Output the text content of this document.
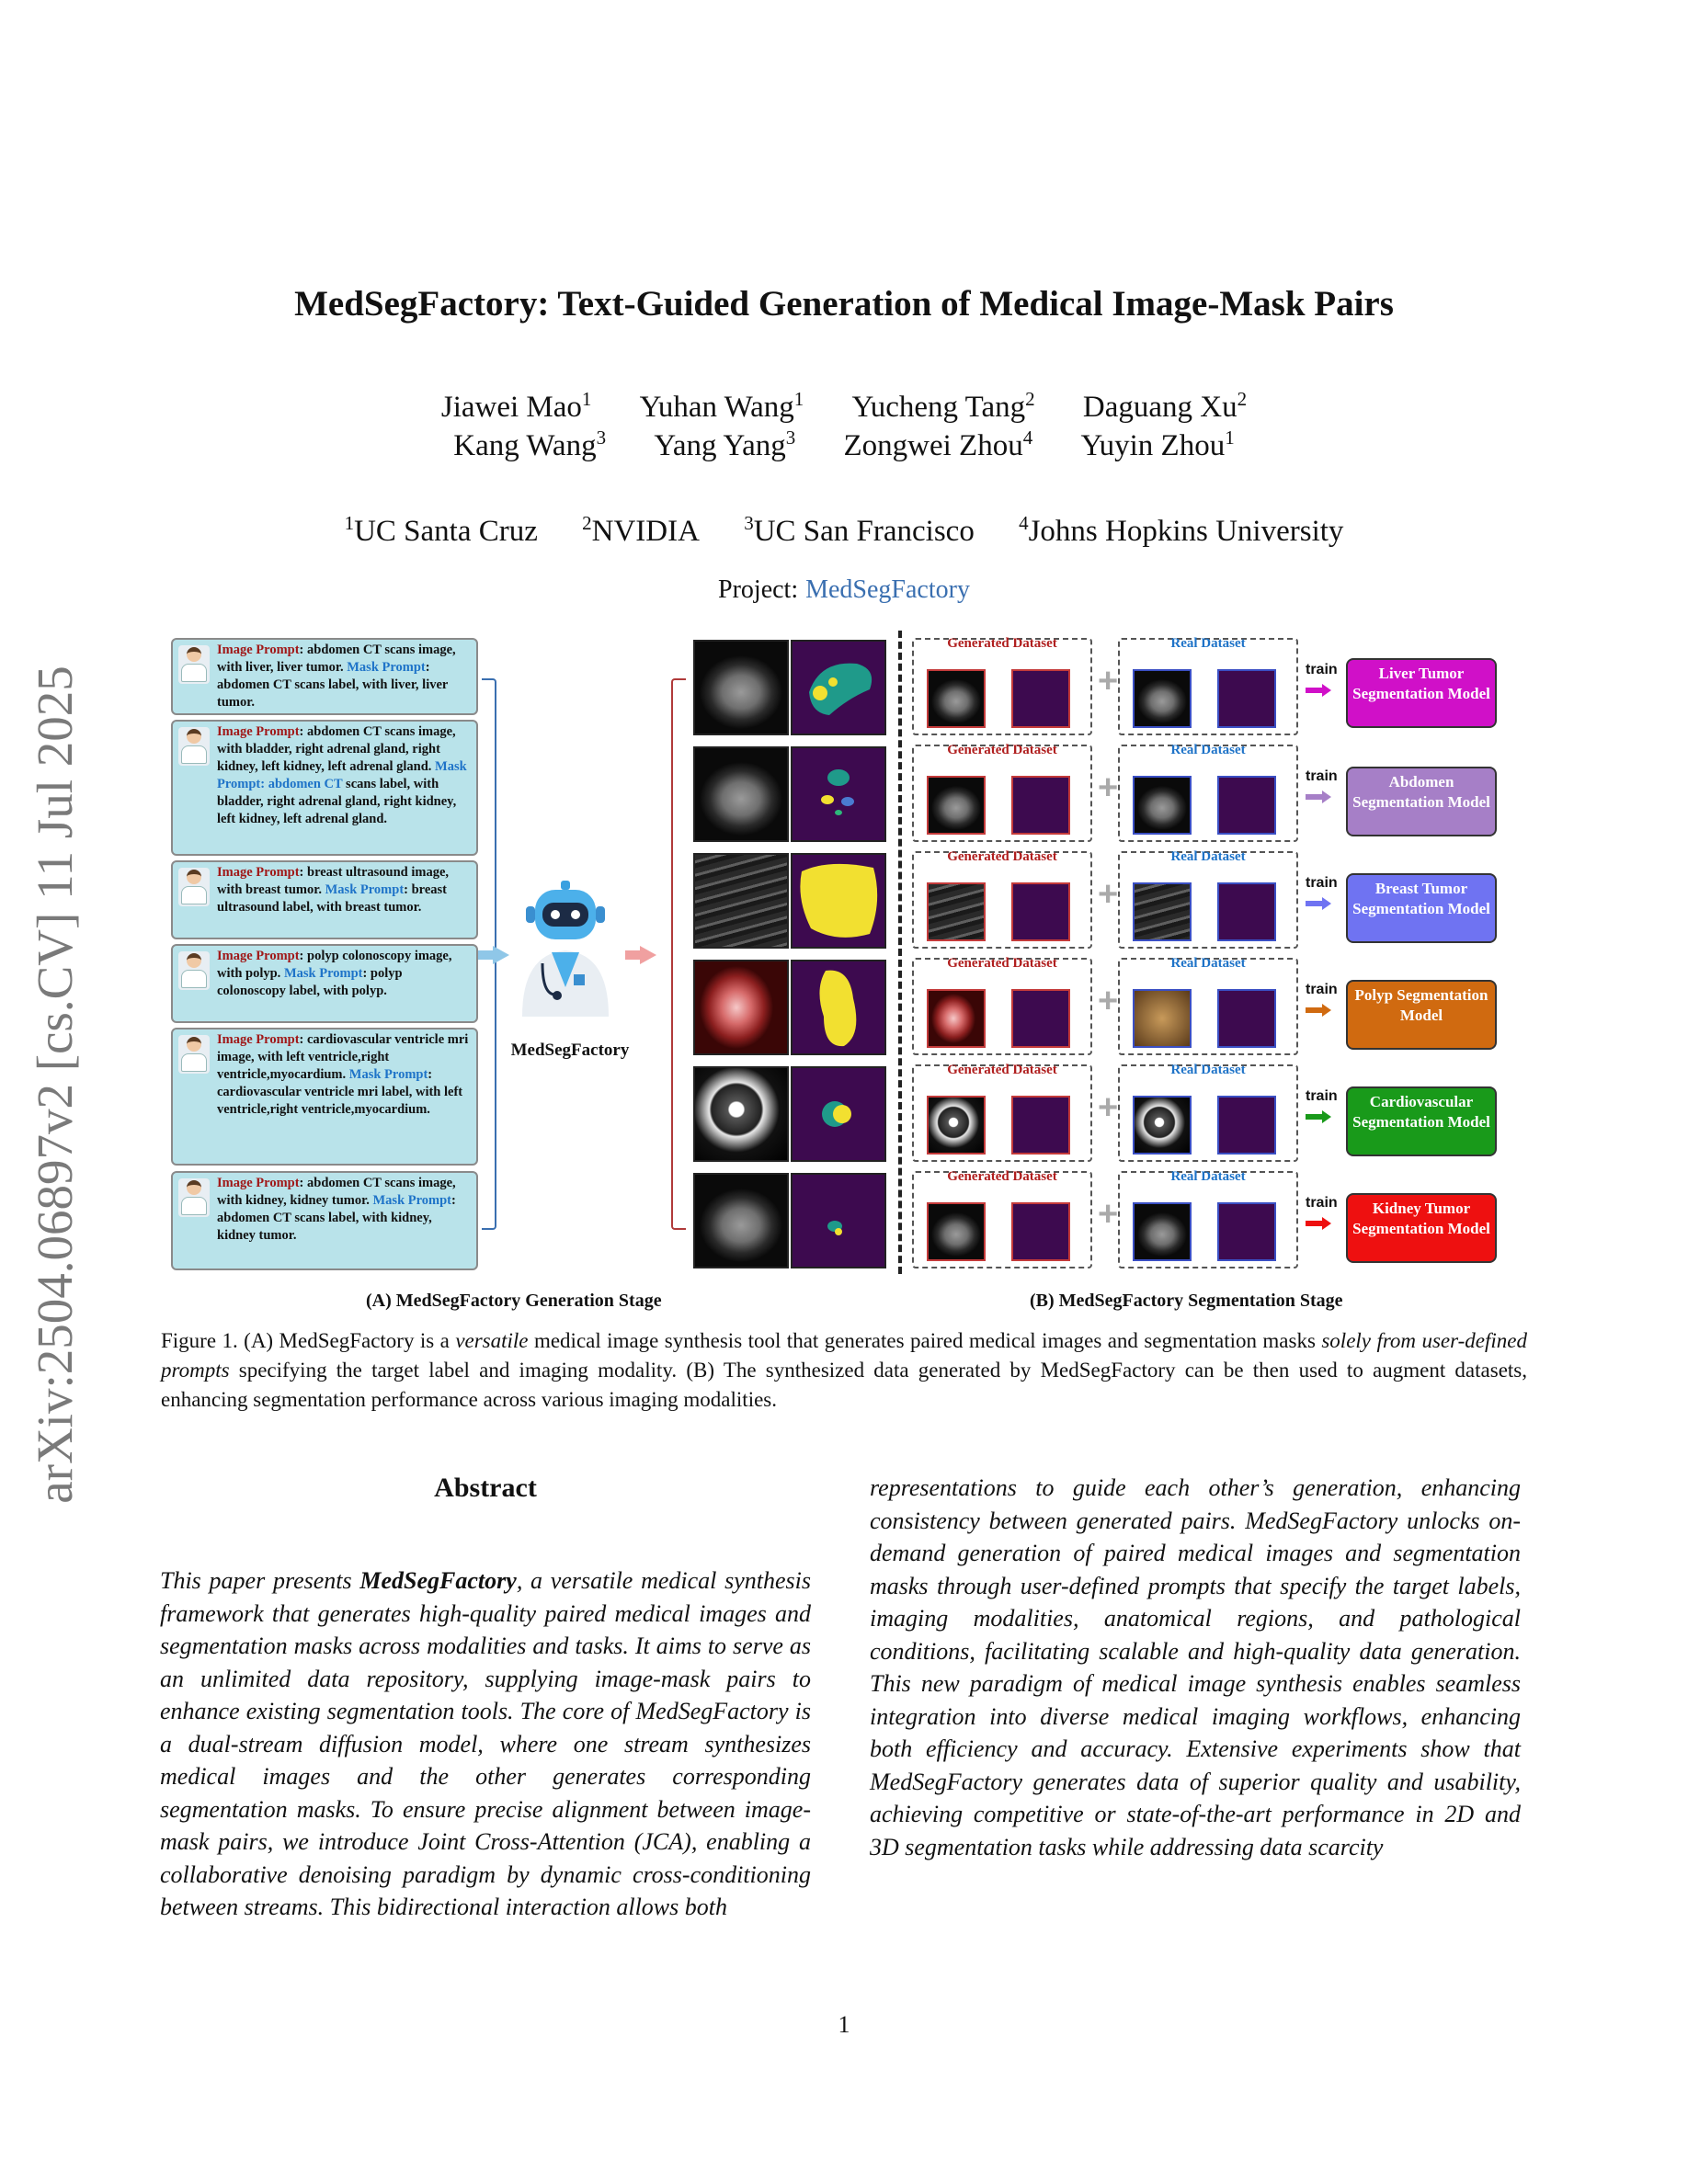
arXiv:2504.06897v2 [cs.CV] 11 Jul 2025
MedSegFactory: Text-Guided Generation of Medical Image-Mask Pairs
Jiawei Mao$^1$ Yuhan Wang$^1$ Yucheng Tang$^2$ Daguang Xu$^2$
Kang Wang$^3$ Yang Yang$^3$ Zongwei Zhou$^4$ Yuyin Zhou$^1$
$^1$UC Santa Cruz $^2$NVIDIA $^3$UC San Francisco $^4$Johns Hopkins University
Project: MedSegFactory
Image Prompt: abdomen CT scans image, with liver, liver tumor. Mask Prompt: abdomen CT scans label, with liver, liver tumor.
Image Prompt: abdomen CT scans image, with bladder, right adrenal gland, right kidney, left kidney, left adrenal gland. Mask Prompt: abdomen CT scans label, with bladder, right adrenal gland, right kidney, left kidney, left adrenal gland.
Image Prompt: breast ultrasound image, with breast tumor. Mask Prompt: breast ultrasound label, with breast tumor.
Image Prompt: polyp colonoscopy image, with polyp. Mask Prompt: polyp colonoscopy label, with polyp.
Image Prompt: cardiovascular ventricle mri image, with left ventricle,right ventricle,myocardium. Mask Prompt: cardiovascular ventricle mri label, with left ventricle,right ventricle,myocardium.
Image Prompt: abdomen CT scans image, with kidney, kidney tumor. Mask Prompt: abdomen CT scans label, with kidney, kidney tumor.
MedSegFactory
Generated Dataset
+
Real Dataset
train	Liver Tumor Segmentation Model
Generated Dataset
+
Real Dataset
train	Abdomen Segmentation Model
Generated Dataset
+
Real Dataset
train	Breast Tumor Segmentation Model
Generated Dataset
+
Real Dataset
train	Polyp Segmentation Model
Generated Dataset
+
Real Dataset
train	Cardiovascular Segmentation Model
Generated Dataset
+
Real Dataset
train	Kidney Tumor Segmentation Model
(A) MedSegFactory Generation Stage	(B) MedSegFactory Segmentation Stage
Figure 1. (A) MedSegFactory is a versatile medical image synthesis tool that generates paired medical images and segmentation masks solely from user-defined prompts specifying the target label and imaging modality. (B) The synthesized data generated by MedSegFactory can be then used to augment datasets, enhancing segmentation performance across various imaging modalities.
Abstract
This paper presents MedSegFactory, a versatile medical synthesis framework that generates high-quality paired medical images and segmentation masks across modalities and tasks. It aims to serve as an unlimited data repository, supplying image-mask pairs to enhance existing segmentation tools. The core of MedSegFactory is a dual-stream diffusion model, where one stream synthesizes medical images and the other generates corresponding segmentation masks. To ensure precise alignment between image-mask pairs, we introduce Joint Cross-Attention (JCA), enabling a collaborative denoising paradigm by dynamic cross-conditioning between streams. This bidirectional interaction allows both
representations to guide each other’s generation, enhancing consistency between generated pairs. MedSegFactory unlocks on-demand generation of paired medical images and segmentation masks through user-defined prompts that specify the target labels, imaging modalities, anatomical regions, and pathological conditions, facilitating scalable and high-quality data generation. This new paradigm of medical image synthesis enables seamless integration into diverse medical imaging workflows, enhancing both efficiency and accuracy. Extensive experiments show that MedSegFactory generates data of superior quality and usability, achieving competitive or state-of-the-art performance in 2D and 3D segmentation tasks while addressing data scarcity
1
